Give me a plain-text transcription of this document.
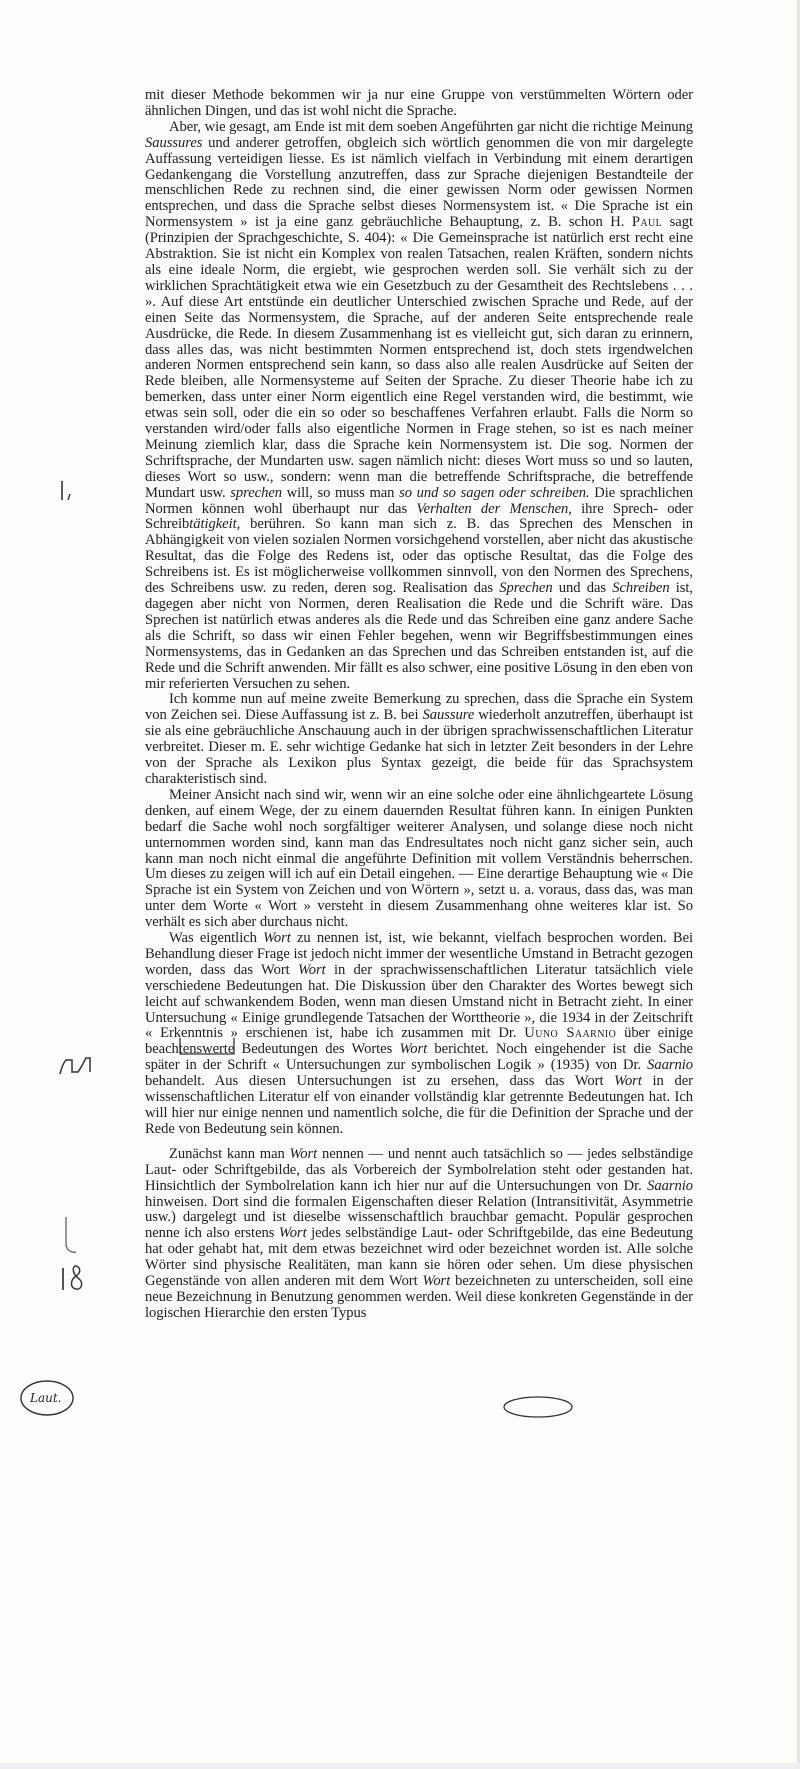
mit dieser Methode bekommen wir ja nur eine Gruppe von verstümmelten Wörtern oder ähnlichen Dingen, und das ist wohl nicht die Sprache.

Aber, wie gesagt, am Ende ist mit dem soeben Angeführten gar nicht die richtige Meinung Saussures und anderer getroffen, obgleich sich wörtlich genommen die von mir dargelegte Auffassung verteidigen liesse. Es ist nämlich vielfach in Verbindung mit einem derartigen Gedankengang die Vorstellung anzutreffen, dass zur Sprache diejenigen Bestandteile der menschlichen Rede zu rechnen sind, die einer gewissen Norm oder gewissen Normen entsprechen, und dass die Sprache selbst dieses Normensystem ist. « Die Sprache ist ein Normensystem » ist ja eine ganz gebräuchliche Behauptung, z. B. schon H. Paul sagt (Prinzipien der Sprachgeschichte, S. 404): « Die Gemeinsprache ist natürlich erst recht eine Abstraktion. Sie ist nicht ein Komplex von realen Tatsachen, realen Kräften, sondern nichts als eine ideale Norm, die ergiebt, wie gesprochen werden soll. Sie verhält sich zu der wirklichen Sprachtätigkeit etwa wie ein Gesetzbuch zu der Gesamtheit des Rechtslebens . . . ». Auf diese Art entstünde ein deutlicher Unterschied zwischen Sprache und Rede, auf der einen Seite das Normensystem, die Sprache, auf der anderen Seite entsprechende reale Ausdrücke, die Rede. In diesem Zusammenhang ist es vielleicht gut, sich daran zu erinnern, dass alles das, was nicht bestimmten Normen entsprechend ist, doch stets irgendwelchen anderen Normen entsprechend sein kann, so dass also alle realen Ausdrücke auf Seiten der Rede bleiben, alle Normensysteme auf Seiten der Sprache. Zu dieser Theorie habe ich zu bemerken, dass unter einer Norm eigentlich eine Regel verstanden wird, die bestimmt, wie etwas sein soll, oder die ein so oder so beschaffenes Verfahren erlaubt. Falls die Norm so verstanden wird/oder falls also eigentliche Normen in Frage stehen, so ist es nach meiner Meinung ziemlich klar, dass die Sprache kein Normensystem ist. Die sog. Normen der Schriftsprache, der Mundarten usw. sagen nämlich nicht: dieses Wort muss so und so lauten, dieses Wort so usw., sondern: wenn man die betreffende Schriftsprache, die betreffende Mundart usw. sprechen will, so muss man so und so sagen oder schreiben. Die sprachlichen Normen können wohl überhaupt nur das Verhalten der Menschen, ihre Sprech- oder Schreibtätigkeit, berühren. So kann man sich z. B. das Sprechen des Menschen in Abhängigkeit von vielen sozialen Normen vorsichgehend vorstellen, aber nicht das akustische Resultat, das die Folge des Redens ist, oder das optische Resultat, das die Folge des Schreibens ist. Es ist möglicherweise vollkommen sinnvoll, von den Normen des Sprechens, des Schreibens usw. zu reden, deren sog. Realisation das Sprechen und das Schreiben ist, dagegen aber nicht von Normen, deren Realisation die Rede und die Schrift wäre. Das Sprechen ist natürlich etwas anderes als die Rede und das Schreiben eine ganz andere Sache als die Schrift, so dass wir einen Fehler begehen, wenn wir Begriffsbestimmungen eines Normensystems, das in Gedanken an das Sprechen und das Schreiben entstanden ist, auf die Rede und die Schrift anwenden. Mir fällt es also schwer, eine positive Lösung in den eben von mir referierten Versuchen zu sehen.

Ich komme nun auf meine zweite Bemerkung zu sprechen, dass die Sprache ein System von Zeichen sei. Diese Auffassung ist z. B. bei Saussure wiederholt anzutreffen, überhaupt ist sie als eine gebräuchliche Anschauung auch in der übrigen sprachwissenschaftlichen Literatur verbreitet. Dieser m. E. sehr wichtige Gedanke hat sich in letzter Zeit besonders in der Lehre von der Sprache als Lexikon plus Syntax gezeigt, die beide für das Sprachsystem charakteristisch sind.

Meiner Ansicht nach sind wir, wenn wir an eine solche oder eine ähnlichgeartete Lösung denken, auf einem Wege, der zu einem dauernden Resultat führen kann. In einigen Punkten bedarf die Sache wohl noch sorgfältiger weiterer Analysen, und solange diese noch nicht unternommen worden sind, kann man das Endresultates noch nicht ganz sicher sein, auch kann man noch nicht einmal die angeführte Definition mit vollem Verständnis beherrschen. Um dieses zu zeigen will ich auf ein Detail eingehen. — Eine derartige Behauptung wie « Die Sprache ist ein System von Zeichen und von Wörtern », setzt u. a. voraus, dass das, was man unter dem Worte « Wort » versteht in diesem Zusammenhang ohne weiteres klar ist. So verhält es sich aber durchaus nicht.

Was eigentlich Wort zu nennen ist, ist, wie bekannt, vielfach besprochen worden. Bei Behandlung dieser Frage ist jedoch nicht immer der wesentliche Umstand in Betracht gezogen worden, dass das Wort Wort in der sprachwissenschaftlichen Literatur tatsächlich viele verschiedene Bedeutungen hat. Die Diskussion über den Charakter des Wortes bewegt sich leicht auf schwankendem Boden, wenn man diesen Umstand nicht in Betracht zieht. In einer Untersuchung « Einige grundlegende Tatsachen der Worttheorie », die 1934 in der Zeitschrift « Erkenntnis » erschienen ist, habe ich zusammen mit Dr. Uuno Saarnio über einige beachtenswerte Bedeutungen des Wortes Wort berichtet. Noch eingehender ist die Sache später in der Schrift « Untersuchungen zur symbolischen Logik » (1935) von Dr. Saarnio behandelt. Aus diesen Untersuchungen ist zu ersehen, dass das Wort Wort in der wissenschaftlichen Literatur elf von einander vollständig klar getrennte Bedeutungen hat. Ich will hier nur einige nennen und namentlich solche, die für die Definition der Sprache und der Rede von Bedeutung sein können.

Zunächst kann man Wort nennen — und nennt auch tatsächlich so — jedes selbständige Laut- oder Schriftgebilde, das als Vorbereich der Symbolrelation steht oder gestanden hat. Hinsichtlich der Symbolrelation kann ich hier nur auf die Untersuchungen von Dr. Saarnio hinweisen. Dort sind die formalen Eigenschaften dieser Relation (Intransitivität, Asymmetrie usw.) dargelegt und ist dieselbe wissenschaftlich brauchbar gemacht. Populär gesprochen nenne ich also erstens Wort jedes selbständige Laut- oder Schriftgebilde, das eine Bedeutung hat oder gehabt hat, mit dem etwas bezeichnet wird oder bezeichnet worden ist. Alle solche Wörter sind physische Realitäten, man kann sie hören oder sehen. Um diese physischen Gegenstände von allen anderen mit dem Wort Wort bezeichneten zu unterscheiden, soll eine neue Bezeichnung in Benutzung genommen werden. Weil diese konkreten Gegenstände in der logischen Hierarchie den ersten Typus

Laut.
